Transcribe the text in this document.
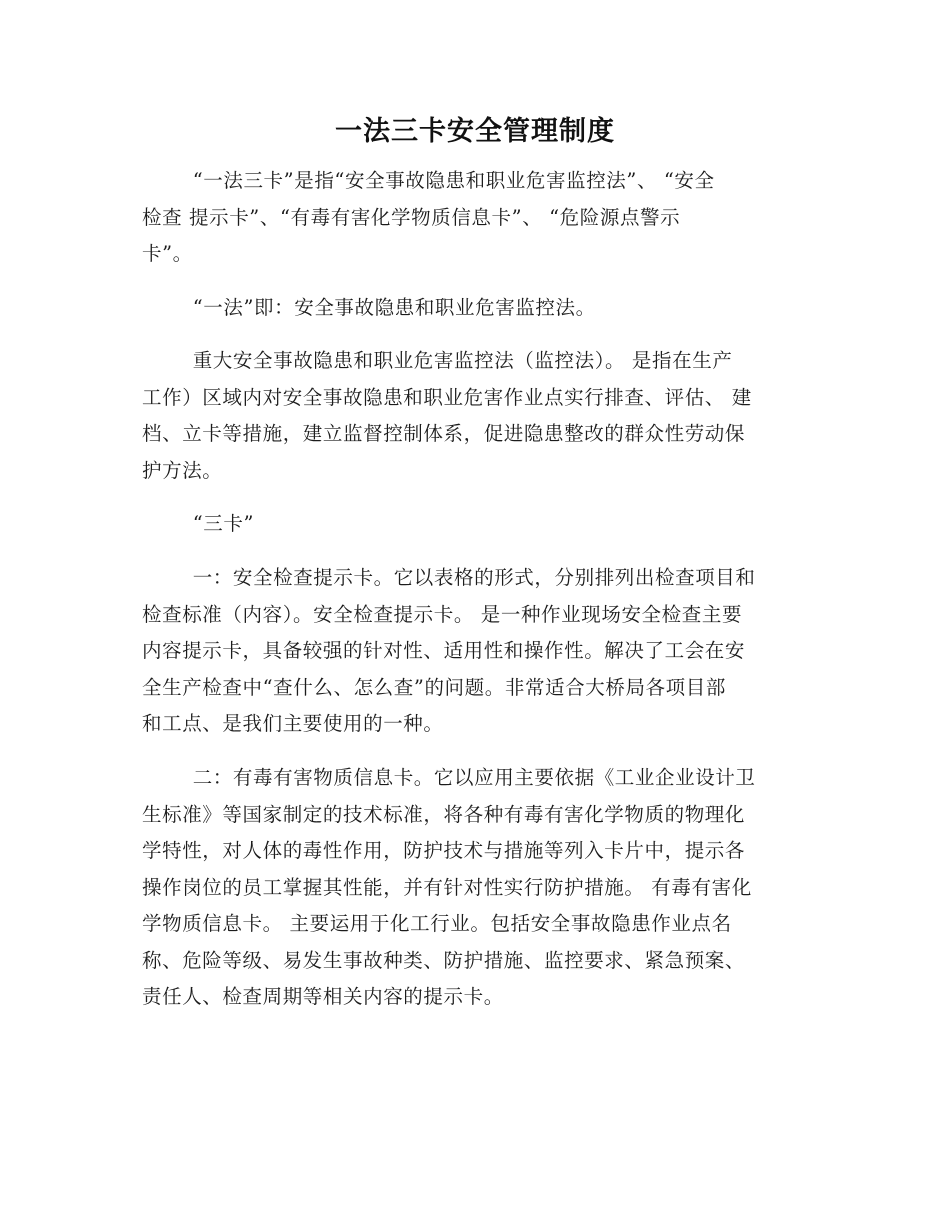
一法三卡安全管理制度
“一法三卡”是指“安全事故隐患和职业危害监控法”、 “安全
检查 提示卡”、“有毒有害化学物质信息卡”、 “危险源点警示
卡”。
“一法”即：安全事故隐患和职业危害监控法。
重大安全事故隐患和职业危害监控法（监控法）。 是指在生产
工作）区域内对安全事故隐患和职业危害作业点实行排查、评估、 建
档、立卡等措施，建立监督控制体系，促进隐患整改的群众性劳动保
护方法。
“三卡”
一：安全检查提示卡。它以表格的形式，分别排列出检查项目和
检查标准（内容）。安全检查提示卡。 是一种作业现场安全检查主要
内容提示卡，具备较强的针对性、适用性和操作性。解决了工会在安
全生产检查中“查什么、怎么查”的问题。非常适合大桥局各项目部
和工点、是我们主要使用的一种。
二：有毒有害物质信息卡。它以应用主要依据《工业企业设计卫
生标准》等国家制定的技术标准，将各种有毒有害化学物质的物理化
学特性，对人体的毒性作用，防护技术与措施等列入卡片中，提示各
操作岗位的员工掌握其性能，并有针对性实行防护措施。 有毒有害化
学物质信息卡。 主要运用于化工行业。包括安全事故隐患作业点名
称、危险等级、易发生事故种类、防护措施、监控要求、紧急预案、
责任人、检查周期等相关内容的提示卡。
